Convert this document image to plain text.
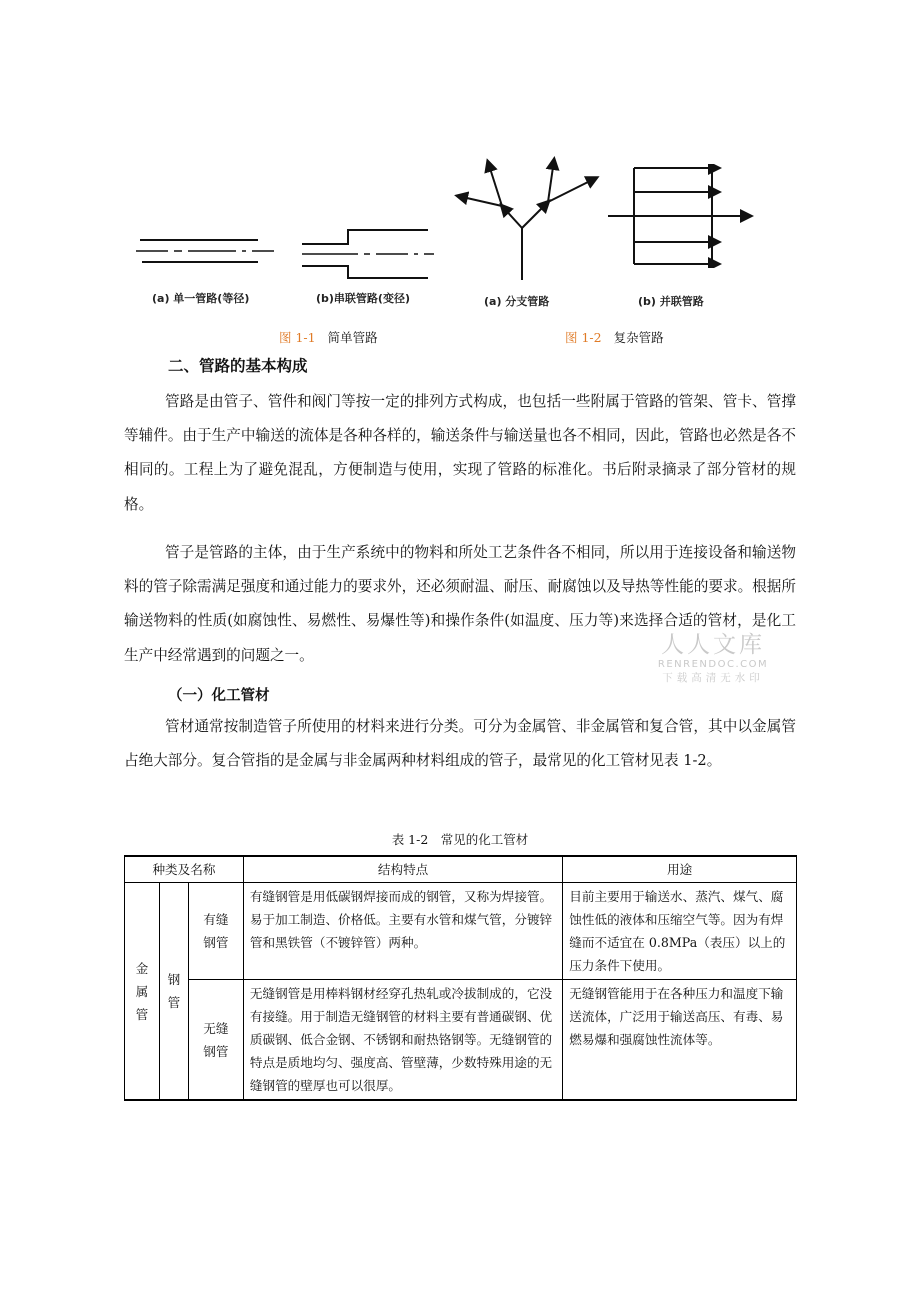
(a) 单一管路(等径)	(b)串联管路(变径)	(a) 分支管路	(b) 并联管路
图 1-1 简单管路	图 1-2 复杂管路
二、管路的基本构成

管路是由管子、管件和阀门等按一定的排列方式构成，也包括一些附属于管路的管架、管卡、管撑等辅件。由于生产中输送的流体是各种各样的，输送条件与输送量也各不相同，因此，管路也必然是各不相同的。工程上为了避免混乱，方便制造与使用，实现了管路的标准化。书后附录摘录了部分管材的规格。

管子是管路的主体，由于生产系统中的物料和所处工艺条件各不相同，所以用于连接设备和输送物料的管子除需满足强度和通过能力的要求外，还必须耐温、耐压、耐腐蚀以及导热等性能的要求。根据所输送物料的性质(如腐蚀性、易燃性、易爆性等)和操作条件(如温度、压力等)来选择合适的管材，是化工生产中经常遇到的问题之一。

（一）化工管材

管材通常按制造管子所使用的材料来进行分类。可分为金属管、非金属管和复合管，其中以金属管占绝大部分。复合管指的是金属与非金属两种材料组成的管子，最常见的化工管材见表 1-2。

人人文库
RENRENDOC.COM
下载高清无水印
表 1-2　常见的化工管材
种类及名称			结构特点	用途
金属管	钢管	有缝钢管	有缝钢管是用低碳钢焊接而成的钢管，又称为焊接管。易于加工制造、价格低。主要有水管和煤气管，分镀锌管和黑铁管（不镀锌管）两种。	目前主要用于输送水、蒸汽、煤气、腐蚀性低的液体和压缩空气等。因为有焊缝而不适宜在 0.8MPa（表压）以上的压力条件下使用。
		无缝钢管	无缝钢管是用棒料钢材经穿孔热轧或冷拔制成的，它没有接缝。用于制造无缝钢管的材料主要有普通碳钢、优质碳钢、低合金钢、不锈钢和耐热铬钢等。无缝钢管的特点是质地均匀、强度高、管壁薄，少数特殊用途的无缝钢管的壁厚也可以很厚。	无缝钢管能用于在各种压力和温度下输送流体，广泛用于输送高压、有毒、易燃易爆和强腐蚀性流体等。
